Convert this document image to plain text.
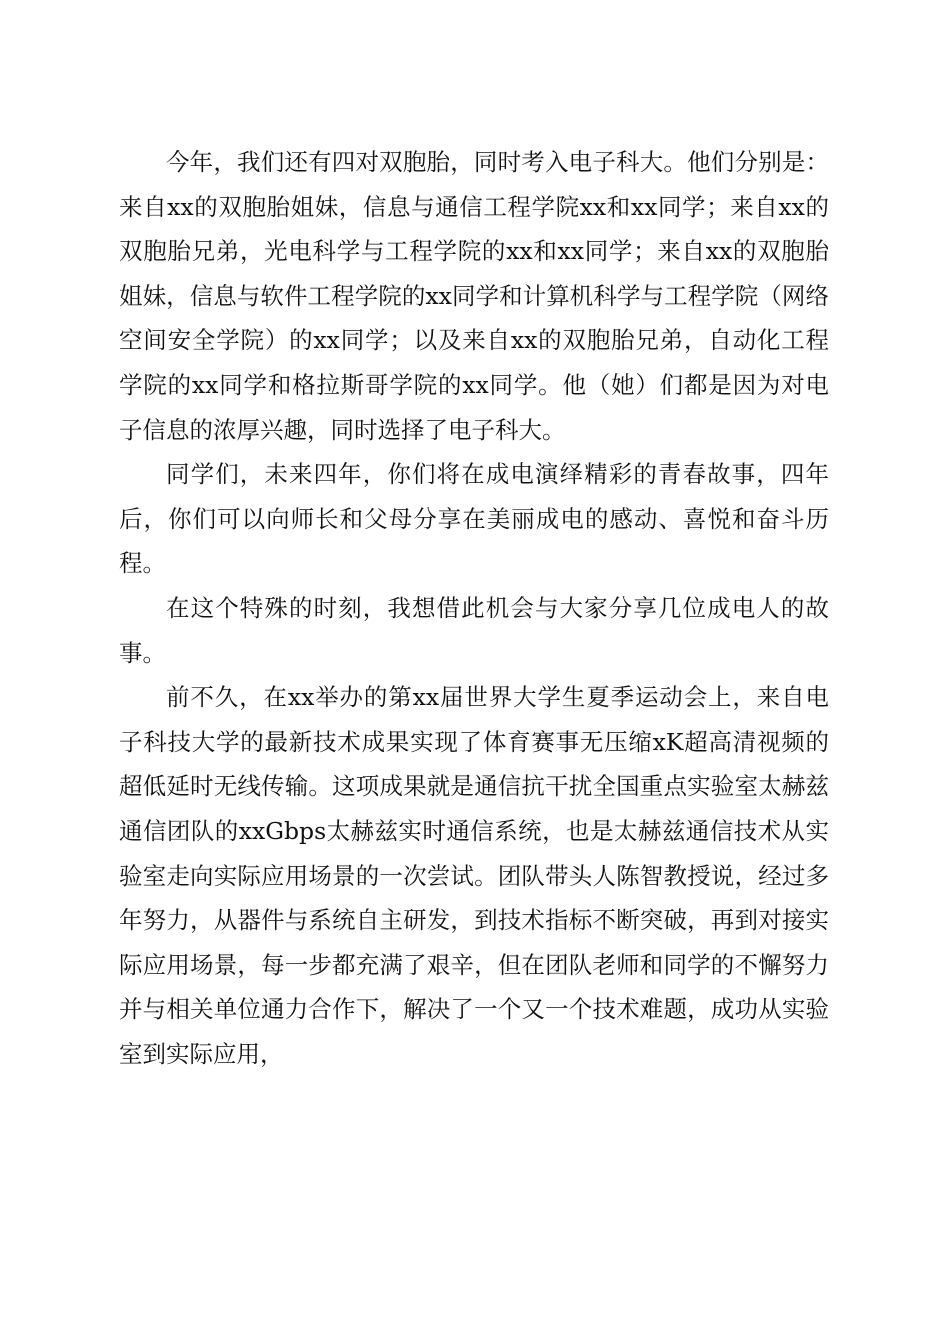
今年，我们还有四对双胞胎，同时考入电子科大。他们分别是：来自xx的双胞胎姐妹，信息与通信工程学院xx和xx同学；来自xx的双胞胎兄弟，光电科学与工程学院的xx和xx同学；来自xx的双胞胎姐妹，信息与软件工程学院的xx同学和计算机科学与工程学院（网络空间安全学院）的xx同学；以及来自xx的双胞胎兄弟，自动化工程学院的xx同学和格拉斯哥学院的xx同学。他（她）们都是因为对电子信息的浓厚兴趣，同时选择了电子科大。

同学们，未来四年，你们将在成电演绎精彩的青春故事，四年后，你们可以向师长和父母分享在美丽成电的感动、喜悦和奋斗历程。

在这个特殊的时刻，我想借此机会与大家分享几位成电人的故事。

前不久，在xx举办的第xx届世界大学生夏季运动会上，来自电子科技大学的最新技术成果实现了体育赛事无压缩xK超高清视频的超低延时无线传输。这项成果就是通信抗干扰全国重点实验室太赫兹通信团队的xxGbps太赫兹实时通信系统，也是太赫兹通信技术从实验室走向实际应用场景的一次尝试。团队带头人陈智教授说，经过多年努力，从器件与系统自主研发，到技术指标不断突破，再到对接实际应用场景，每一步都充满了艰辛，但在团队老师和同学的不懈努力并与相关单位通力合作下，解决了一个又一个技术难题，成功从实验室到实际应用，
